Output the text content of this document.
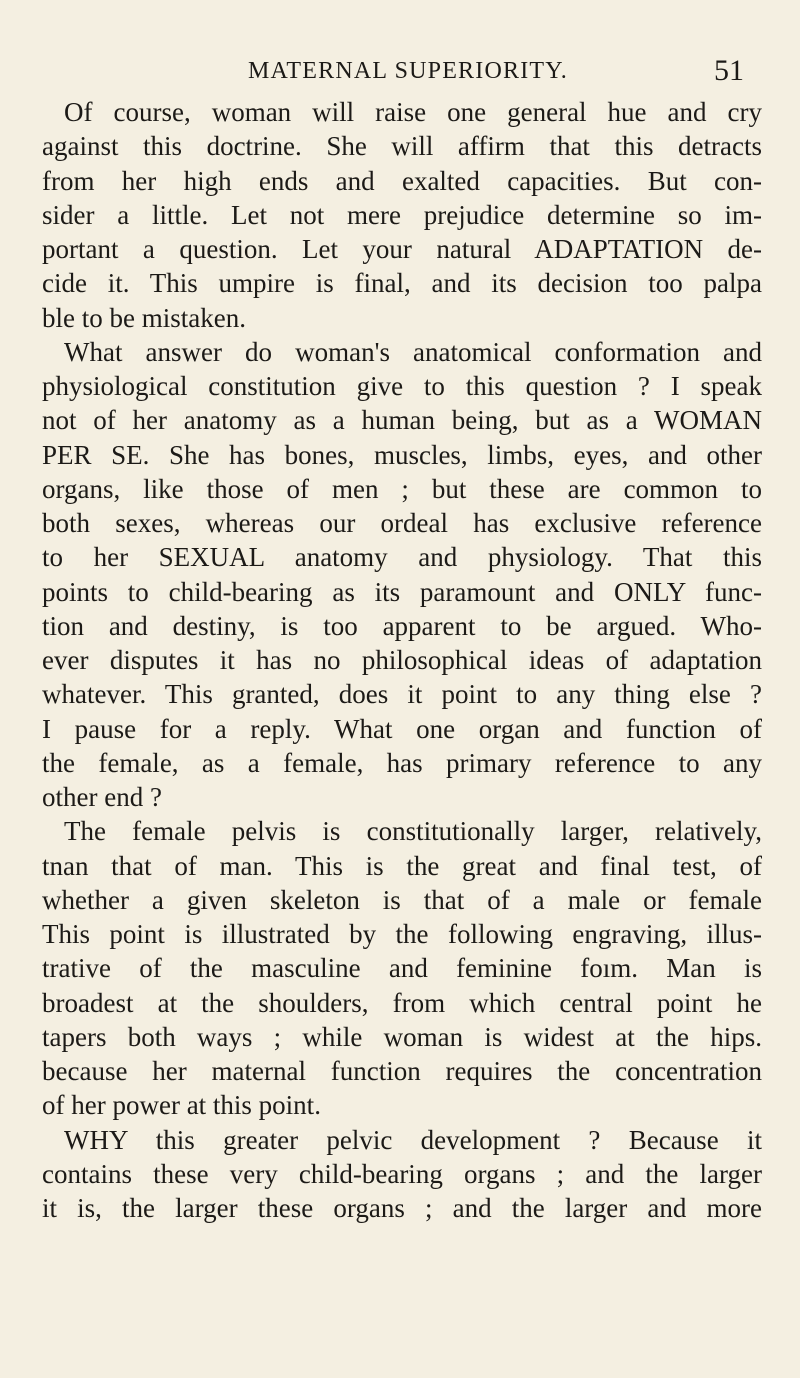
MATERNAL SUPERIORITY.	51
Of course, woman will raise one general hue and cry
against this doctrine. She will affirm that this detracts
from her high ends and exalted capacities. But con-
sider a little. Let not mere prejudice determine so im-
portant a question. Let your natural ADAPTATION de-
cide it. This umpire is final, and its decision too palpa
ble to be mistaken.
What answer do woman's anatomical conformation and
physiological constitution give to this question ? I speak
not of her anatomy as a human being, but as a WOMAN
PER SE. She has bones, muscles, limbs, eyes, and other
organs, like those of men ; but these are common to
both sexes, whereas our ordeal has exclusive reference
to her SEXUAL anatomy and physiology. That this
points to child-bearing as its paramount and ONLY func-
tion and destiny, is too apparent to be argued. Who-
ever disputes it has no philosophical ideas of adaptation
whatever. This granted, does it point to any thing else ?
I pause for a reply. What one organ and function of
the female, as a female, has primary reference to any
other end ?
The female pelvis is constitutionally larger, relatively,
tnan that of man. This is the great and final test, of
whether a given skeleton is that of a male or female
This point is illustrated by the following engraving, illus-
trative of the masculine and feminine foım. Man is
broadest at the shoulders, from which central point he
tapers both ways ; while woman is widest at the hips.
because her maternal function requires the concentration
of her power at this point.
WHY this greater pelvic development ? Because it
contains these very child-bearing organs ; and the larger
it is, the larger these organs ; and the larger and more
